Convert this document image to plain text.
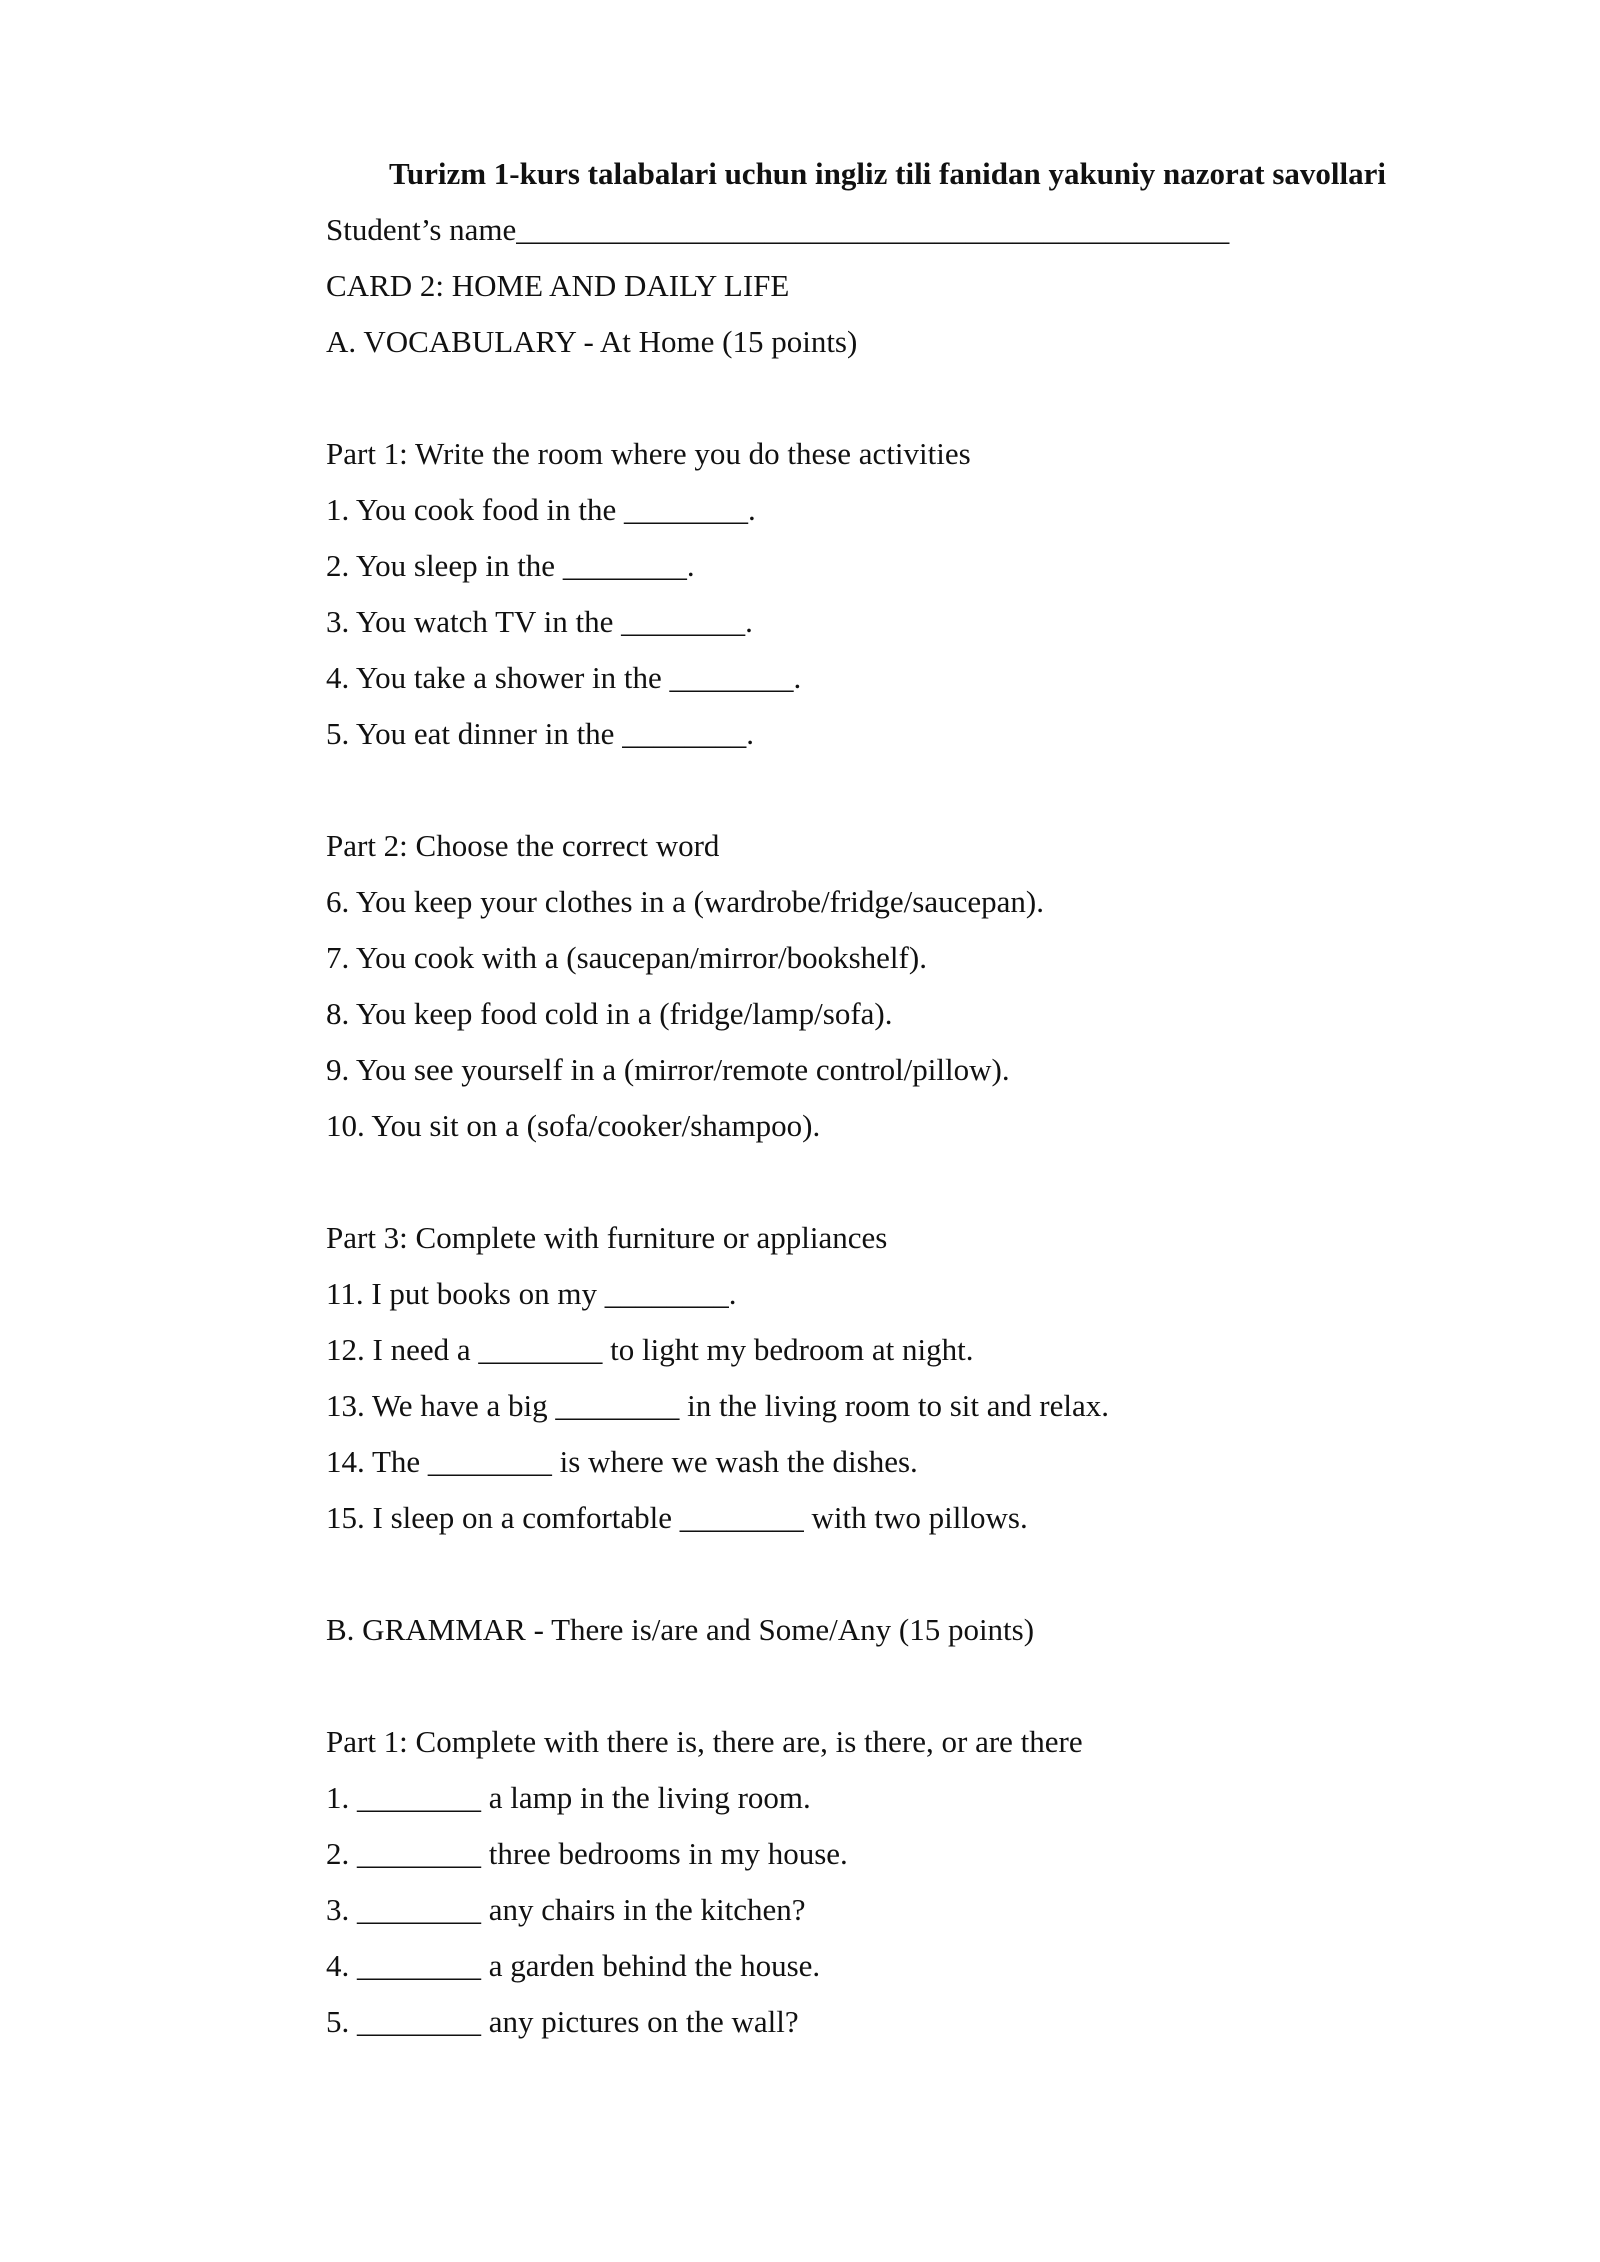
Turizm 1-kurs talabalari uchun ingliz tili fanidan yakuniy nazorat savollari
Student’s name______________________________________________
CARD 2: HOME AND DAILY LIFE
A. VOCABULARY - At Home (15 points)
Part 1: Write the room where you do these activities
1. You cook food in the ________.
2. You sleep in the ________.
3. You watch TV in the ________.
4. You take a shower in the ________.
5. You eat dinner in the ________.
Part 2: Choose the correct word
6. You keep your clothes in a (wardrobe/fridge/saucepan).
7. You cook with a (saucepan/mirror/bookshelf).
8. You keep food cold in a (fridge/lamp/sofa).
9. You see yourself in a (mirror/remote control/pillow).
10. You sit on a (sofa/cooker/shampoo).
Part 3: Complete with furniture or appliances
11. I put books on my ________.
12. I need a ________ to light my bedroom at night.
13. We have a big ________ in the living room to sit and relax.
14. The ________ is where we wash the dishes.
15. I sleep on a comfortable ________ with two pillows.
B. GRAMMAR - There is/are and Some/Any (15 points)
Part 1: Complete with there is, there are, is there, or are there
1. ________ a lamp in the living room.
2. ________ three bedrooms in my house.
3. ________ any chairs in the kitchen?
4. ________ a garden behind the house.
5. ________ any pictures on the wall?
